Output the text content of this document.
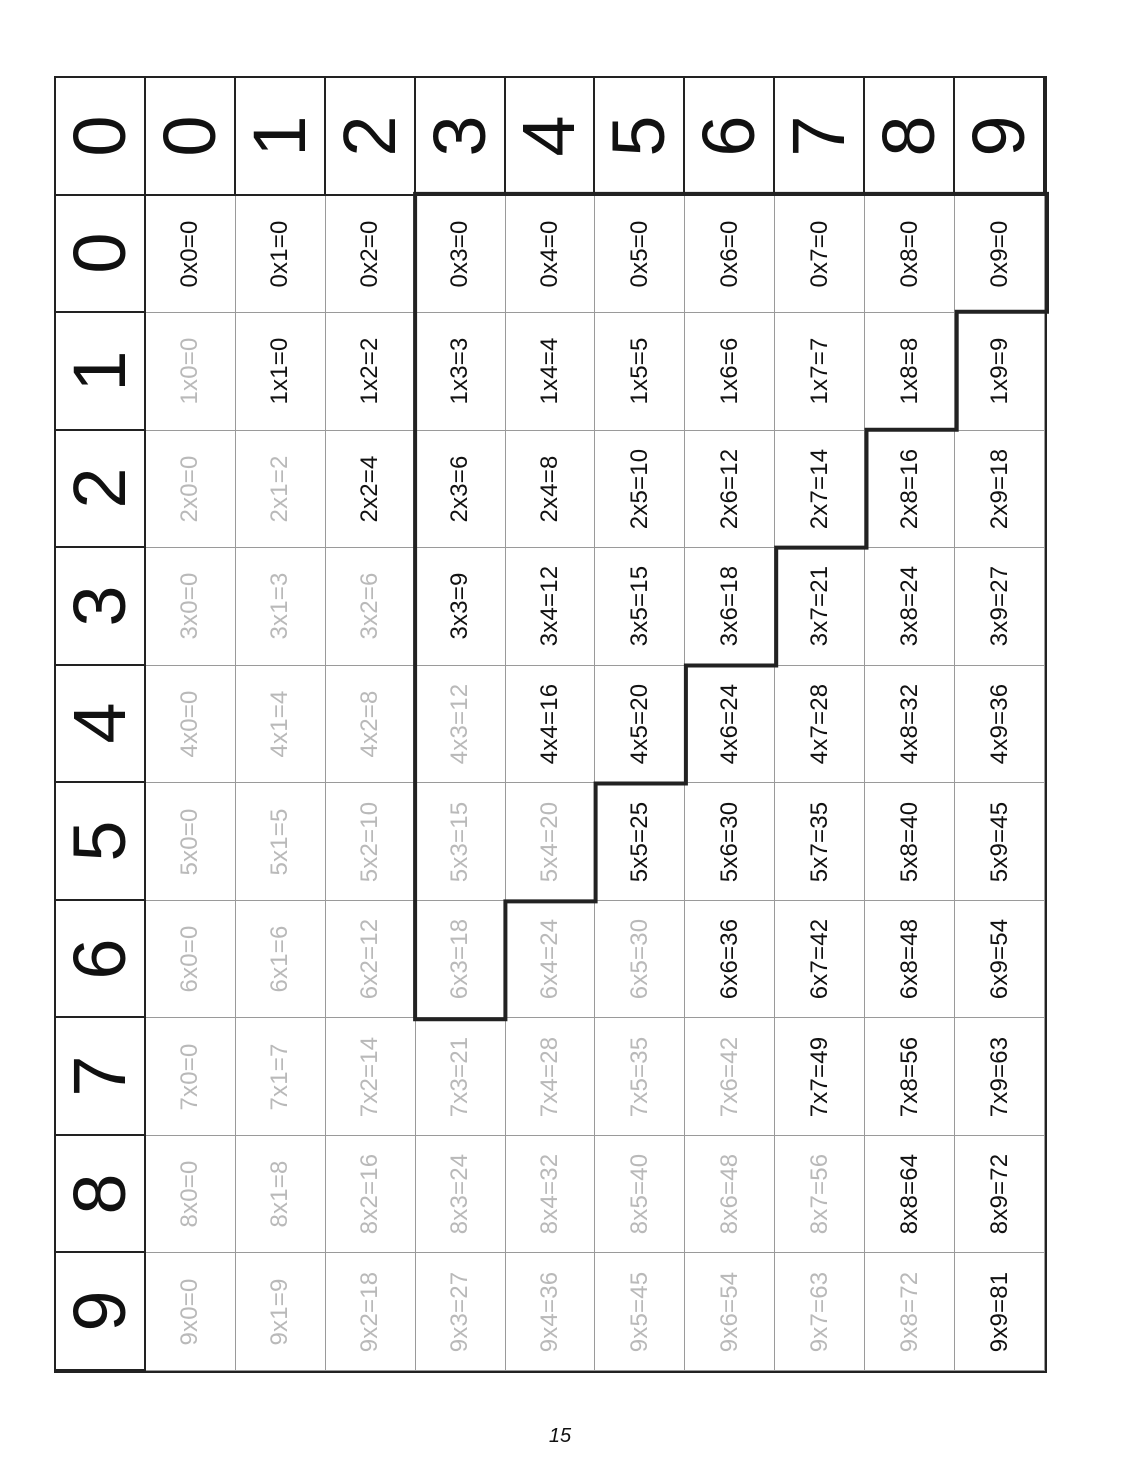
0 0 1 2 3 4 5 6 7 8 9
0 0x0=0	0x1=0	0x2=0	0x3=0	0x4=0	0x5=0	0x6=0	0x7=0	0x8=0	0x9=0
1 1x0=0	1x1=0	1x2=2	1x3=3	1x4=4	1x5=5	1x6=6	1x7=7	1x8=8	1x9=9
2 2x0=0	2x1=2	2x2=4	2x3=6	2x4=8	2x5=10	2x6=12	2x7=14	2x8=16	2x9=18
3 3x0=0	3x1=3	3x2=6	3x3=9	3x4=12	3x5=15	3x6=18	3x7=21	3x8=24	3x9=27
4 4x0=0	4x1=4	4x2=8	4x3=12	4x4=16	4x5=20	4x6=24	4x7=28	4x8=32	4x9=36
5 5x0=0	5x1=5	5x2=10	5x3=15	5x4=20	5x5=25	5x6=30	5x7=35	5x8=40	5x9=45
6 6x0=0	6x1=6	6x2=12	6x3=18	6x4=24	6x5=30	6x6=36	6x7=42	6x8=48	6x9=54
7 7x0=0	7x1=7	7x2=14	7x3=21	7x4=28	7x5=35	7x6=42	7x7=49	7x8=56	7x9=63
8 8x0=0	8x1=8	8x2=16	8x3=24	8x4=32	8x5=40	8x6=48	8x7=56	8x8=64	8x9=72
9 9x0=0	9x1=9	9x2=18	9x3=27	9x4=36	9x5=45	9x6=54	9x7=63	9x8=72	9x9=81
15
